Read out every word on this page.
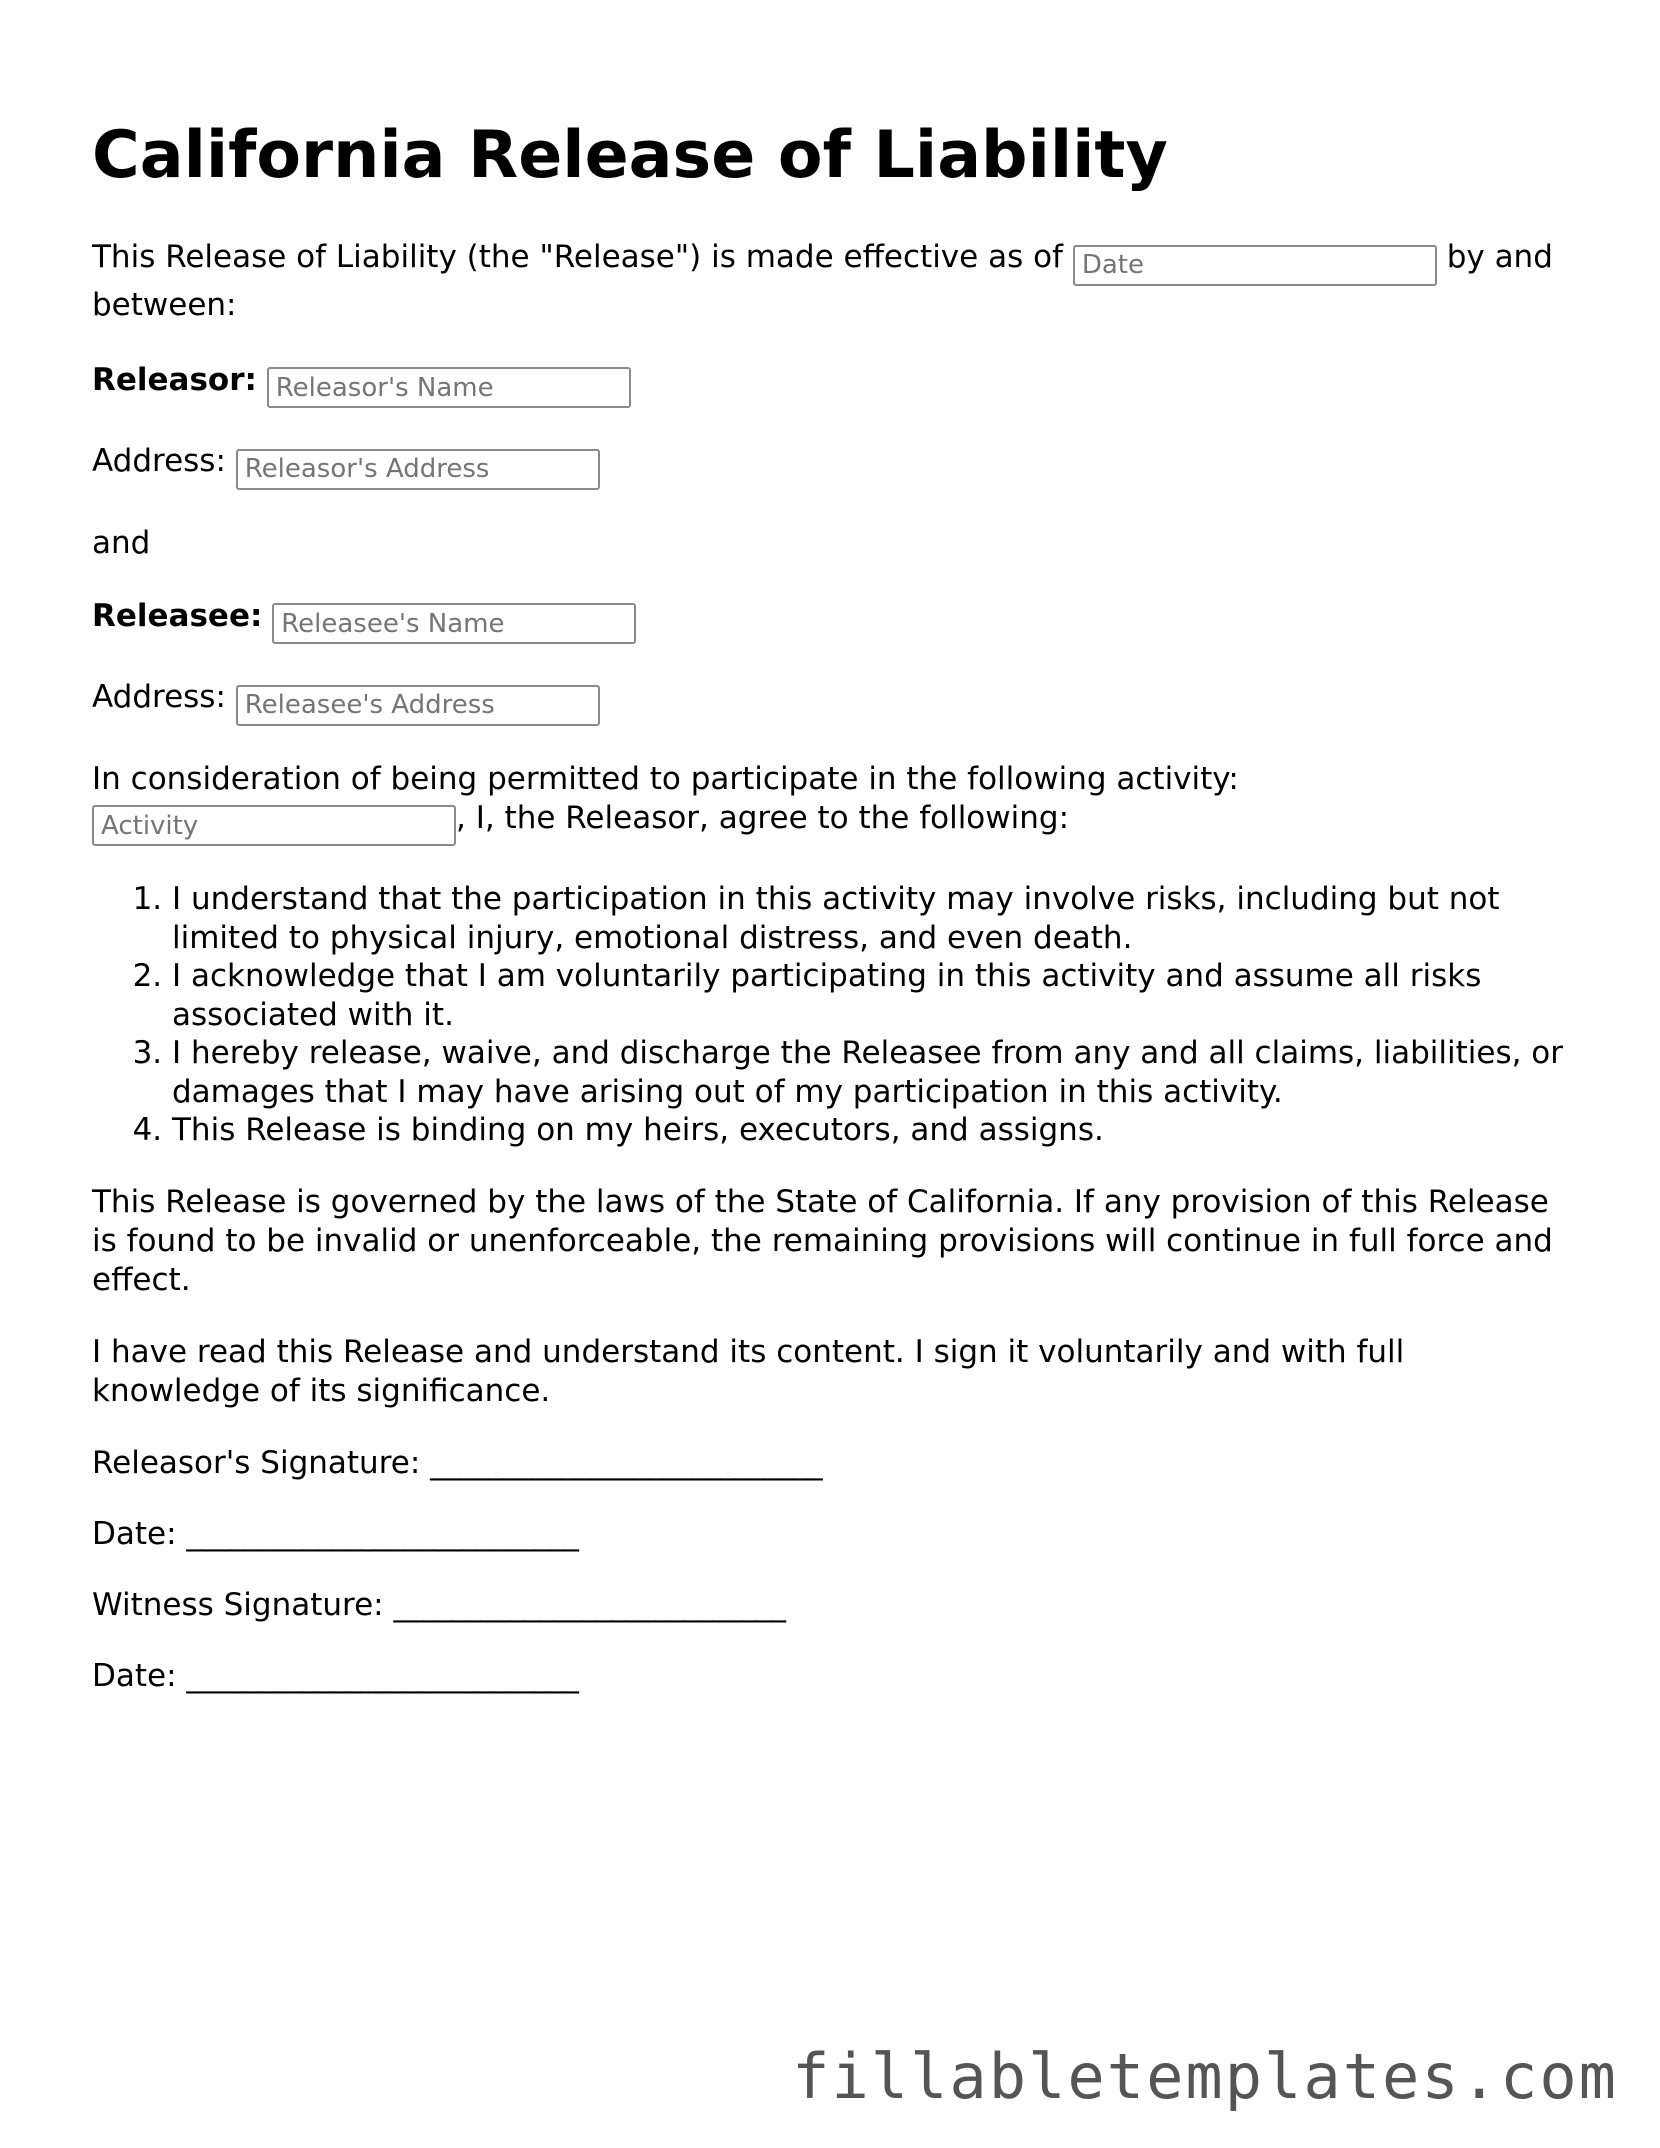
California Release of Liability

This Release of Liability (the "Release") is made effective as of Date	by and between:

Releasor: Releasor's Name

Address: Releasor's Address

and

Releasee: Releasee's Name

Address: Releasee's Address

In consideration of being permitted to participate in the following activity:
Activity, I, the Releasor, agree to the following:

1. I understand that the participation in this activity may involve risks, including but not limited to physical injury, emotional distress, and even death.
2. I acknowledge that I am voluntarily participating in this activity and assume all risks associated with it.
3. I hereby release, waive, and discharge the Releasee from any and all claims, liabilities, or damages that I may have arising out of my participation in this activity.
4. This Release is binding on my heirs, executors, and assigns.

This Release is governed by the laws of the State of California. If any provision of this Release is found to be invalid or unenforceable, the remaining provisions will continue in full force and effect.

I have read this Release and understand its content. I sign it voluntarily and with full knowledge of its significance.

Releasor's Signature: ___________________________

Date: ___________________________

Witness Signature: ___________________________

Date: ___________________________

fillabletemplates.com
